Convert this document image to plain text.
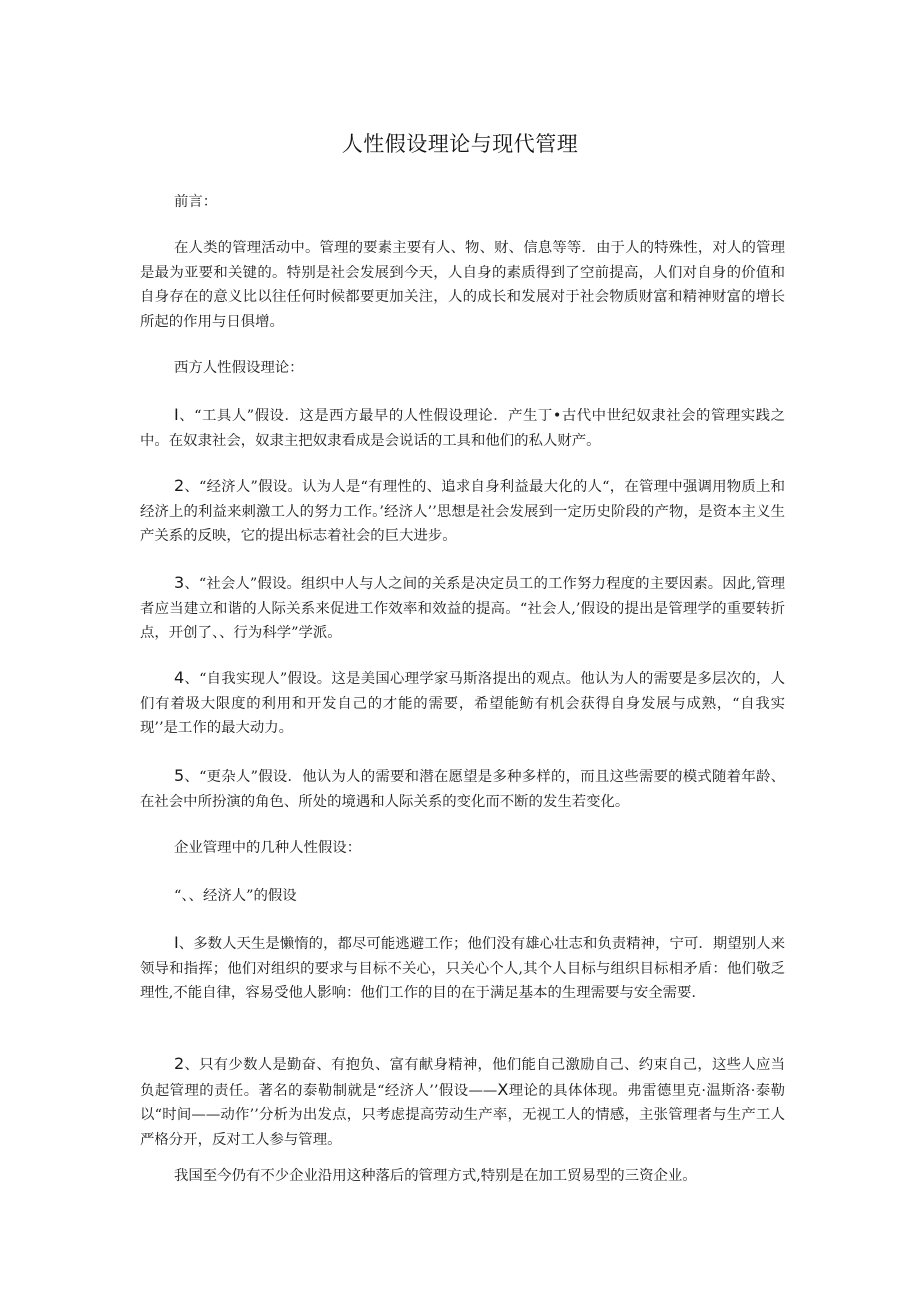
人性假设理论与现代管理

前言：

在人类的管理活动中。管理的要素主要有人、物、财、信息等等．由于人的特殊性，对人的管理是最为亚要和关键的。特别是社会发展到今天，人自身的素质得到了空前提高，人们对自身的价值和自身存在的意义比以往任何时候都要更加关注，人的成长和发展对于社会物质财富和精神财富的增长所起的作用与日俱增。

西方人性假设理论：

I、“工具人”假设．这是西方最早的人性假设理论．产生丁•古代中世纪奴隶社会的管理实践之中。在奴隶社会，奴隶主把奴隶看成是会说话的工具和他们的私人财产。

2、“经济人”假设。认为人是“有理性的、追求自身利益最大化的人“，在管理中强调用物质上和经济上的利益来刺激工人的努力工作。’经济人’’思想是社会发展到一定历史阶段的产物，是资本主义生产关系的反映，它的提出标志着社会的巨大进步。

3、“社会人”假设。组织中人与人之间的关系是决定员工的工作努力程度的主要因素。因此,管理者应当建立和谐的人际关系来促进工作效率和效益的提高。“社会人,’假设的提出是管理学的重要转折点，开创了、、行为科学”学派。

4、“自我实现人”假设。这是美国心理学家马斯洛提出的观点。他认为人的需要是多层次的，人们有着圾大限度的利用和开发自己的才能的需要，希望能鲂有机会获得自身发展与成熟，“自我实现’’是工作的最大动力。

5、“更杂人”假设．他认为人的需要和潜在愿望是多种多样的，而且这些需要的模式随着年龄、在社会中所扮演的角色、所处的境遇和人际关系的变化而不断的发生若变化。

企业管理中的几种人性假设：

“、、经济人”的假设

I、多数人天生是懒惰的，都尽可能逃避工作；他们没有雄心壮志和负责精神，宁可．期望别人来领导和指挥；他们对组织的要求与目标不关心，只关心个人,其个人目标与组织目标相矛盾：他们敬乏理性,不能自律，容易受他人影响：他们工作的目的在于满足基本的生理需要与安全需要.

2、只有少数人是勤奋、有抱负、富有献身精神，他们能自己激励自己、约束自己，这些人应当负起管理的责任。著名的泰勒制就是“经济人’’假设——X理论的具体体现。弗雷德里克·温斯洛·泰勒以“时间——动作’’分析为出发点，只考虑提高劳动生产率，无视工人的情感，主张管理者与生产工人严格分开，反对工人参与管理。

我国至今仍有不少企业沿用这种落后的管理方式,特别是在加工贸易型的三资企业。
